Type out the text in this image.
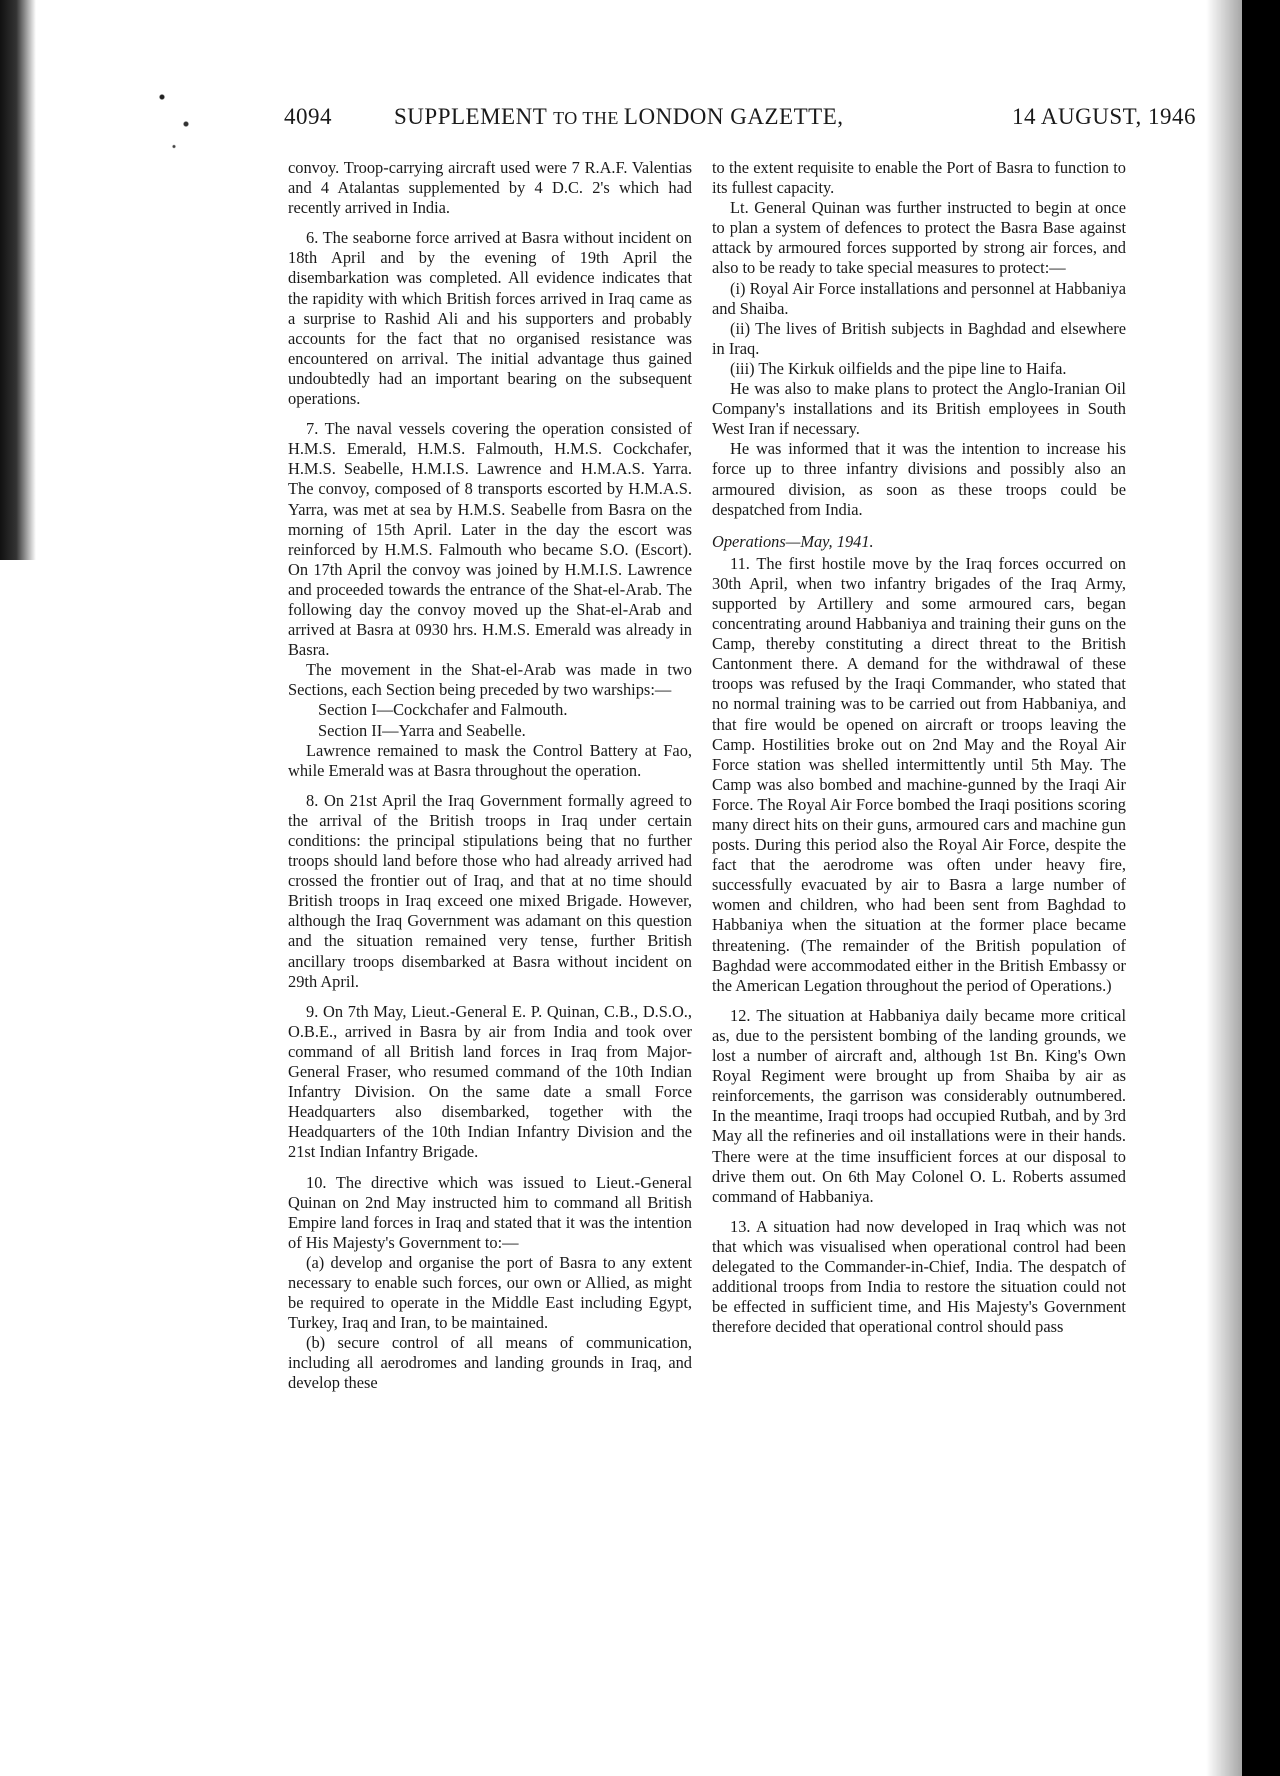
4094	SUPPLEMENT TO THE LONDON GAZETTE,	14 AUGUST, 1946

convoy. Troop-carrying aircraft used were 7 R.A.F. Valentias and 4 Atalantas supplemented by 4 D.C. 2's which had recently arrived in India.

6. The seaborne force arrived at Basra without incident on 18th April and by the evening of 19th April the disembarkation was completed. All evidence indicates that the rapidity with which British forces arrived in Iraq came as a surprise to Rashid Ali and his supporters and probably accounts for the fact that no organised resistance was encountered on arrival. The initial advantage thus gained undoubtedly had an important bearing on the subsequent operations.

7. The naval vessels covering the operation consisted of H.M.S. Emerald, H.M.S. Falmouth, H.M.S. Cockchafer, H.M.S. Seabelle, H.M.I.S. Lawrence and H.M.A.S. Yarra. The convoy, composed of 8 transports escorted by H.M.A.S. Yarra, was met at sea by H.M.S. Seabelle from Basra on the morning of 15th April. Later in the day the escort was reinforced by H.M.S. Falmouth who became S.O. (Escort). On 17th April the convoy was joined by H.M.I.S. Lawrence and proceeded towards the entrance of the Shat-el-Arab. The following day the convoy moved up the Shat-el-Arab and arrived at Basra at 0930 hrs. H.M.S. Emerald was already in Basra.

The movement in the Shat-el-Arab was made in two Sections, each Section being preceded by two warships:—

Section I—Cockchafer and Falmouth.

Section II—Yarra and Seabelle.

Lawrence remained to mask the Control Battery at Fao, while Emerald was at Basra throughout the operation.

8. On 21st April the Iraq Government formally agreed to the arrival of the British troops in Iraq under certain conditions: the principal stipulations being that no further troops should land before those who had already arrived had crossed the frontier out of Iraq, and that at no time should British troops in Iraq exceed one mixed Brigade. However, although the Iraq Government was adamant on this question and the situation remained very tense, further British ancillary troops disembarked at Basra without incident on 29th April.

9. On 7th May, Lieut.-General E. P. Quinan, C.B., D.S.O., O.B.E., arrived in Basra by air from India and took over command of all British land forces in Iraq from Major-General Fraser, who resumed command of the 10th Indian Infantry Division. On the same date a small Force Headquarters also disembarked, together with the Headquarters of the 10th Indian Infantry Division and the 21st Indian Infantry Brigade.

10. The directive which was issued to Lieut.-General Quinan on 2nd May instructed him to command all British Empire land forces in Iraq and stated that it was the intention of His Majesty's Government to:—

(a) develop and organise the port of Basra to any extent necessary to enable such forces, our own or Allied, as might be required to operate in the Middle East including Egypt, Turkey, Iraq and Iran, to be maintained.

(b) secure control of all means of communication, including all aerodromes and landing grounds in Iraq, and develop these

to the extent requisite to enable the Port of Basra to function to its fullest capacity.

Lt. General Quinan was further instructed to begin at once to plan a system of defences to protect the Basra Base against attack by armoured forces supported by strong air forces, and also to be ready to take special measures to protect:—

(i) Royal Air Force installations and personnel at Habbaniya and Shaiba.

(ii) The lives of British subjects in Baghdad and elsewhere in Iraq.

(iii) The Kirkuk oilfields and the pipe line to Haifa.

He was also to make plans to protect the Anglo-Iranian Oil Company's installations and its British employees in South West Iran if necessary.

He was informed that it was the intention to increase his force up to three infantry divisions and possibly also an armoured division, as soon as these troops could be despatched from India.

Operations—May, 1941.

11. The first hostile move by the Iraq forces occurred on 30th April, when two infantry brigades of the Iraq Army, supported by Artillery and some armoured cars, began concentrating around Habbaniya and training their guns on the Camp, thereby constituting a direct threat to the British Cantonment there. A demand for the withdrawal of these troops was refused by the Iraqi Commander, who stated that no normal training was to be carried out from Habbaniya, and that fire would be opened on aircraft or troops leaving the Camp. Hostilities broke out on 2nd May and the Royal Air Force station was shelled intermittently until 5th May. The Camp was also bombed and machine-gunned by the Iraqi Air Force. The Royal Air Force bombed the Iraqi positions scoring many direct hits on their guns, armoured cars and machine gun posts. During this period also the Royal Air Force, despite the fact that the aerodrome was often under heavy fire, successfully evacuated by air to Basra a large number of women and children, who had been sent from Baghdad to Habbaniya when the situation at the former place became threatening. (The remainder of the British population of Baghdad were accommodated either in the British Embassy or the American Legation throughout the period of Operations.)

12. The situation at Habbaniya daily became more critical as, due to the persistent bombing of the landing grounds, we lost a number of aircraft and, although 1st Bn. King's Own Royal Regiment were brought up from Shaiba by air as reinforcements, the garrison was considerably outnumbered. In the meantime, Iraqi troops had occupied Rutbah, and by 3rd May all the refineries and oil installations were in their hands. There were at the time insufficient forces at our disposal to drive them out. On 6th May Colonel O. L. Roberts assumed command of Habbaniya.

13. A situation had now developed in Iraq which was not that which was visualised when operational control had been delegated to the Commander-in-Chief, India. The despatch of additional troops from India to restore the situation could not be effected in sufficient time, and His Majesty's Government therefore decided that operational control should pass
